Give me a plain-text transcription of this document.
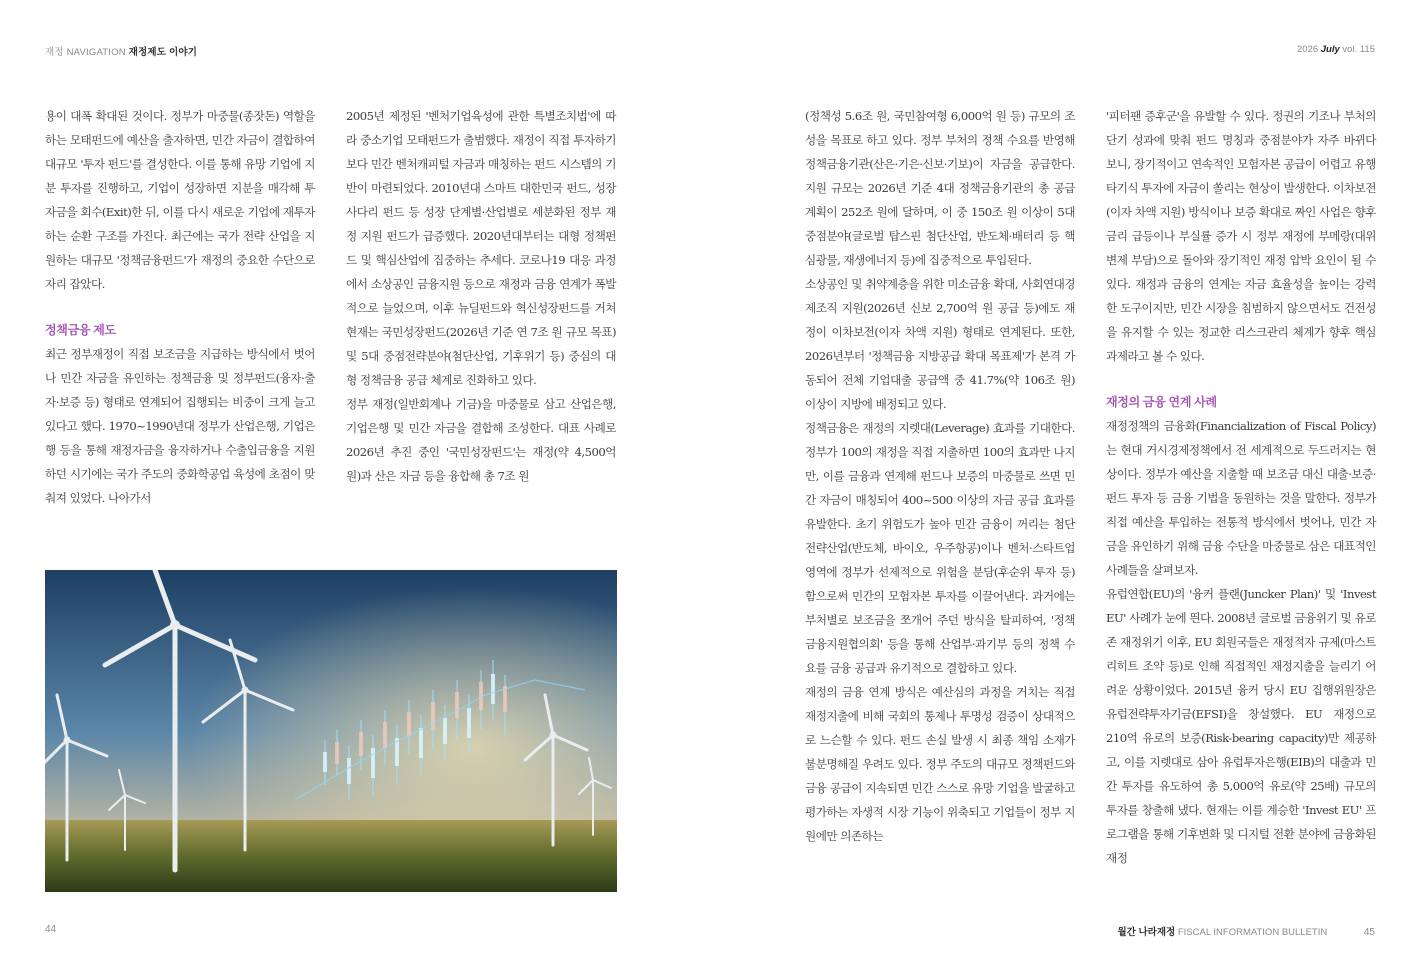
재정 NAVIGATION 재정제도 이야기	2026 July vol. 115

용이 대폭 확대된 것이다. 정부가 마중물(종잣돈) 역할을 하는 모태펀드에 예산을 출자하면, 민간 자금이 결합하여 대규모 '투자 펀드'를 결성한다. 이를 통해 유망 기업에 지분 투자를 진행하고, 기업이 성장하면 지분을 매각해 투자금을 회수(Exit)한 뒤, 이를 다시 새로운 기업에 재투자하는 순환 구조를 가진다. 최근에는 국가 전략 산업을 지원하는 대규모 '정책금융펀드'가 재정의 중요한 수단으로 자리 잡았다.

정책금융 제도

최근 정부재정이 직접 보조금을 지급하는 방식에서 벗어나 민간 자금을 유인하는 정책금융 및 정부펀드(융자·출자·보증 등) 형태로 연계되어 집행되는 비중이 크게 늘고 있다고 했다. 1970~1990년대 정부가 산업은행, 기업은행 등을 통해 재정자금을 융자하거나 수출입금융을 지원하던 시기에는 국가 주도의 중화학공업 육성에 초점이 맞춰져 있었다. 나아가서

2005년 제정된 '벤처기업육성에 관한 특별조치법'에 따라 중소기업 모태펀드가 출범했다. 재정이 직접 투자하기보다 민간 벤처캐피털 자금과 매칭하는 펀드 시스템의 기반이 마련되었다. 2010년대 스마트 대한민국 펀드, 성장 사다리 펀드 등 성장 단계별·산업별로 세분화된 정부 재정 지원 펀드가 급증했다. 2020년대부터는 대형 정책펀드 및 핵심산업에 집중하는 추세다. 코로나19 대응 과정에서 소상공인 금융지원 등으로 재정과 금융 연계가 폭발적으로 늘었으며, 이후 뉴딜펀드와 혁신성장펀드를 거쳐 현재는 국민성장펀드(2026년 기준 연 7조 원 규모 목표) 및 5대 중점전략분야(첨단산업, 기후위기 등) 중심의 대형 정책금융 공급 체계로 진화하고 있다.

정부 재정(일반회계나 기금)을 마중물로 삼고 산업은행, 기업은행 및 민간 자금을 결합해 조성한다. 대표 사례로 2026년 추진 중인 '국민성장펀드'는 재정(약 4,500억 원)과 산은 자금 등을 융합해 총 7조 원

(정책성 5.6조 원, 국민참여형 6,000억 원 등) 규모의 조성을 목표로 하고 있다. 정부 부처의 정책 수요를 반영해 정책금융기관(산은·기은·신보·기보)이 자금을 공급한다. 지원 규모는 2026년 기준 4대 정책금융기관의 총 공급 계획이 252조 원에 달하며, 이 중 150조 원 이상이 5대 중점분야(글로벌 탑스핀 첨단산업, 반도체·배터리 등 핵심광물, 재생에너지 등)에 집중적으로 투입된다.

소상공인 및 취약계층을 위한 미소금융 확대, 사회연대경제조직 지원(2026년 신보 2,700억 원 공급 등)에도 재정이 이차보전(이자 차액 지원) 형태로 연계된다. 또한, 2026년부터 '정책금융 지방공급 확대 목표제'가 본격 가동되어 전체 기업대출 공급액 중 41.7%(약 106조 원) 이상이 지방에 배정되고 있다.

정책금융은 재정의 지렛대(Leverage) 효과를 기대한다. 정부가 100의 재정을 직접 지출하면 100의 효과만 나지만, 이를 금융과 연계해 펀드나 보증의 마중물로 쓰면 민간 자금이 매칭되어 400~500 이상의 자금 공급 효과를 유발한다. 초기 위험도가 높아 민간 금융이 꺼리는 첨단전략산업(반도체, 바이오, 우주항공)이나 벤처·스타트업 영역에 정부가 선제적으로 위험을 분담(후순위 투자 등)함으로써 민간의 모험자본 투자를 이끌어낸다. 과거에는 부처별로 보조금을 쪼개어 주던 방식을 탈피하여, '정책금융지원협의회' 등을 통해 산업부·과기부 등의 정책 수요를 금융 공급과 유기적으로 결합하고 있다.

재정의 금융 연계 방식은 예산심의 과정을 거치는 직접 재정지출에 비해 국회의 통제나 투명성 검증이 상대적으로 느슨할 수 있다. 펀드 손실 발생 시 최종 책임 소재가 불분명해질 우려도 있다. 정부 주도의 대규모 정책펀드와 금융 공급이 지속되면 민간 스스로 유망 기업을 발굴하고 평가하는 자생적 시장 기능이 위축되고 기업들이 정부 지원에만 의존하는

'피터팬 증후군'을 유발할 수 있다. 정권의 기조나 부처의 단기 성과에 맞춰 펀드 명칭과 중점분야가 자주 바뀌다 보니, 장기적이고 연속적인 모험자본 공급이 어렵고 유행 타기식 투자에 자금이 쏠리는 현상이 발생한다. 이차보전(이자 차액 지원) 방식이나 보증 확대로 짜인 사업은 향후 금리 급등이나 부실률 증가 시 정부 재정에 부메랑(대위변제 부담)으로 돌아와 장기적인 재정 압박 요인이 될 수 있다. 재정과 금융의 연계는 자금 효율성을 높이는 강력한 도구이지만, 민간 시장을 침범하지 않으면서도 건전성을 유지할 수 있는 정교한 리스크관리 체계가 향후 핵심 과제라고 볼 수 있다.

재정의 금융 연계 사례

재정정책의 금융화(Financialization of Fiscal Policy)는 현대 거시경제정책에서 전 세계적으로 두드러지는 현상이다. 정부가 예산을 지출할 때 보조금 대신 대출·보증·펀드 투자 등 금융 기법을 동원하는 것을 말한다. 정부가 직접 예산을 투입하는 전통적 방식에서 벗어나, 민간 자금을 유인하기 위해 금융 수단을 마중물로 삼은 대표적인 사례들을 살펴보자.

유럽연합(EU)의 '융커 플랜(Juncker Plan)' 및 'Invest EU' 사례가 눈에 띈다. 2008년 글로벌 금융위기 및 유로존 재정위기 이후, EU 회원국들은 재정적자 규제(마스트리히트 조약 등)로 인해 직접적인 재정지출을 늘리기 어려운 상황이었다. 2015년 융커 당시 EU 집행위원장은 유럽전략투자기금(EFSI)을 창설했다. EU 재정으로 210억 유로의 보증(Risk-bearing capacity)만 제공하고, 이를 지렛대로 삼아 유럽투자은행(EIB)의 대출과 민간 투자를 유도하여 총 5,000억 유로(약 25배) 규모의 투자를 창출해 냈다. 현재는 이를 계승한 'Invest EU' 프로그램을 통해 기후변화 및 디지털 전환 분야에 금융화된 재정

44	월간 나라재정 FISCAL INFORMATION BULLETIN	45
